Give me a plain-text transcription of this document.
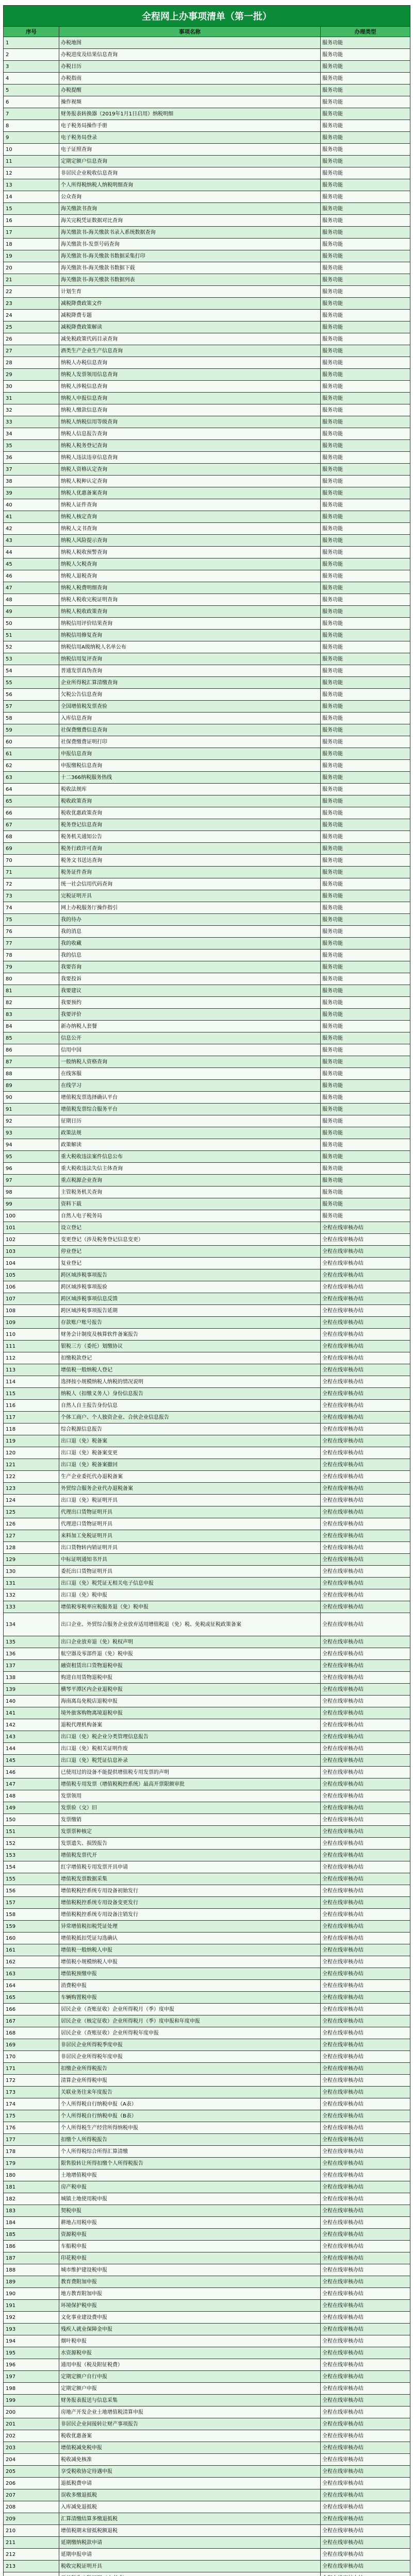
全程网上办事项清单（第一批）		
序号	事项名称	办理类型
1	办税地图	服务功能
2	办税进度及结果信息查询	服务功能
3	办税日历	服务功能
4	办税指南	服务功能
5	办税提醒	服务功能
6	操作视频	服务功能
7	财务报表转换器（2019年1月1日启用）纳税明细	服务功能
8	电子税务局操作手册	服务功能
9	电子税务局登录	服务功能
10	电子证照查询	服务功能
11	定期定额户信息查询	服务功能
12	非居民企业税收信息查询	服务功能
13	个人所得税纳税人纳税明细查询	服务功能
14	公众查询	服务功能
15	海关缴款书查询	服务功能
16	海关完税凭证数据对比查询	服务功能
17	海关缴款书-海关缴款书录入系统数据查询	服务功能
18	海关缴款书-发票号码查询	服务功能
19	海关缴款书-海关缴款书数据采集打印	服务功能
20	海关缴款书-海关缴款书数据下载	服务功能
21	海关缴款书-海关缴款书数据列表	服务功能
22	计划生育	服务功能
23	减税降费政策文件	服务功能
24	减税降费专题	服务功能
25	减税降费政策解读	服务功能
26	减免税政策代码目录查询	服务功能
27	酒类生产企业生产信息查询	服务功能
28	纳税人办税信息查询	服务功能
29	纳税人发票领用信息查询	服务功能
30	纳税人涉税信息查询	服务功能
31	纳税人申报信息查询	服务功能
32	纳税人缴款信息查询	服务功能
33	纳税人纳税信用等级查询	服务功能
34	纳税人信息报告查询	服务功能
35	纳税人税务登记查询	服务功能
36	纳税人违法违章信息查询	服务功能
37	纳税人资格认定查询	服务功能
38	纳税人税种认定查询	服务功能
39	纳税人优惠备案查询	服务功能
40	纳税人证件查询	服务功能
41	纳税人核定查询	服务功能
42	纳税人文书查询	服务功能
43	纳税人风险提示查询	服务功能
44	纳税人税收预警查询	服务功能
45	纳税人欠税查询	服务功能
46	纳税人退税查询	服务功能
47	纳税人税费明细查询	服务功能
48	纳税人税收完税证明查询	服务功能
49	纳税人税收政策查询	服务功能
50	纳税信用评价结果查询	服务功能
51	纳税信用修复查询	服务功能
52	纳税信用A级纳税人名单公布	服务功能
53	纳税信用复评查询	服务功能
54	普通发票真伪查询	服务功能
55	企业所得税汇算清缴查询	服务功能
56	欠税公告信息查询	服务功能
57	全国增值税发票查验	服务功能
58	入库信息查询	服务功能
59	社保费缴费信息查询	服务功能
60	社保费缴费证明打印	服务功能
61	申报信息查询	服务功能
62	申报缴税信息查询	服务功能
63	十二366纳税服务热线	服务功能
64	税收法规库	服务功能
65	税收政策查询	服务功能
66	税收优惠政策查询	服务功能
67	税务登记信息查询	服务功能
68	税务机关通知公告	服务功能
69	税务行政许可查询	服务功能
70	税务文书送达查询	服务功能
71	税务证件查询	服务功能
72	统一社会信用代码查询	服务功能
73	完税证明开具	服务功能
74	网上办税服务厅操作指引	服务功能
75	我的待办	服务功能
76	我的消息	服务功能
77	我的收藏	服务功能
78	我的信息	服务功能
79	我要咨询	服务功能
80	我要投诉	服务功能
81	我要建议	服务功能
82	我要预约	服务功能
83	我要评价	服务功能
84	新办纳税人套餐	服务功能
85	信息公开	服务功能
86	信用中国	服务功能
87	一般纳税人资格查询	服务功能
88	在线客服	服务功能
89	在线学习	服务功能
90	增值税发票选择确认平台	服务功能
91	增值税发票综合服务平台	服务功能
92	征期日历	服务功能
93	政策法规	服务功能
94	政策解读	服务功能
95	重大税收违法案件信息公布	服务功能
96	重大税收违法失信主体查询	服务功能
97	重点税源企业查询	服务功能
98	主管税务机关查询	服务功能
99	资料下载	服务功能
100	自然人电子税务局	服务功能
101	设立登记	全程在线审核办结
102	变更登记（涉及税务登记信息变更）	全程在线审核办结
103	停业登记	全程在线审核办结
104	复业登记	全程在线审核办结
105	跨区域涉税事项报告	全程在线审核办结
106	跨区域涉税事项报验	全程在线审核办结
107	跨区域涉税事项信息反馈	全程在线审核办结
108	跨区域涉税事项报告延期	全程在线审核办结
109	存款账户账号报告	全程在线审核办结
110	财务会计制度及核算软件备案报告	全程在线审核办结
111	银税三方（委托）划缴协议	全程在线审核办结
112	扣缴税款登记	全程在线审核办结
113	增值税一般纳税人登记	全程在线审核办结
114	选择按小规模纳税人纳税的情况说明	全程在线审核办结
115	纳税人（扣缴义务人）身份信息报告	全程在线审核办结
116	自然人自主报告身份信息	全程在线审核办结
117	个体工商户、个人独资企业、合伙企业信息报告	全程在线审核办结
118	综合税源信息报告	全程在线审核办结
119	出口退（免）税备案	全程在线审核办结
120	出口退（免）税备案变更	全程在线审核办结
121	出口退（免）税备案撤回	全程在线审核办结
122	生产企业委托代办退税备案	全程在线审核办结
123	外贸综合服务企业代办退税备案	全程在线审核办结
124	出口退（免）税证明开具	全程在线审核办结
125	代理出口货物证明开具	全程在线审核办结
126	代理进口货物证明开具	全程在线审核办结
127	来料加工免税证明开具	全程在线审核办结
128	出口货物转内销证明开具	全程在线审核办结
129	中标证明通知书开具	全程在线审核办结
130	委托出口货物证明开具	全程在线审核办结
131	出口退（免）税凭证无相关电子信息申报	全程在线审核办结
132	出口退（免）税申报	全程在线审核办结
133	增值税零税率应税服务退（免）税申报	全程在线审核办结
134	出口企业、外贸综合服务企业放弃适用增值税退（免）税、免税或征税政策备案	全程在线审核办结
135	出口企业放弃退（免）税权声明	全程在线审核办结
136	航空器及零部件退（免）税申报	全程在线审核办结
137	融资租赁出口货物退税申报	全程在线审核办结
138	购进自用货物退税申报	全程在线审核办结
139	横琴平潭区内企业退税申报	全程在线审核办结
140	海南离岛免税店退税申报	全程在线审核办结
141	境外旅客购物离境退税申报	全程在线审核办结
142	退税代理机构备案	全程在线审核办结
143	出口退（免）税企业分类管理信息报告	全程在线审核办结
144	出口退（免）税相关证明作废	全程在线审核办结
145	出口退（免）税凭证信息补录	全程在线审核办结
146	已使用过的设备不能提供增值税专用发票的声明	全程在线审核办结
147	增值税专用发票（增值税税控系统）最高开票限额审批	全程在线审核办结
148	发票领用	全程在线审核办结
149	发票验（交）旧	全程在线审核办结
150	发票缴销	全程在线审核办结
151	发票票种核定	全程在线审核办结
152	发票遗失、损毁报告	全程在线审核办结
153	增值税发票代开	全程在线审核办结
154	红字增值税专用发票开具申请	全程在线审核办结
155	增值税发票数据采集	全程在线审核办结
156	增值税税控系统专用设备初始发行	全程在线审核办结
157	增值税税控系统专用设备变更发行	全程在线审核办结
158	增值税税控系统专用设备注销发行	全程在线审核办结
159	异常增值税扣税凭证处理	全程在线审核办结
160	增值税抵扣凭证勾选确认	全程在线审核办结
161	增值税一般纳税人申报	全程在线审核办结
162	增值税小规模纳税人申报	全程在线审核办结
163	增值税预缴申报	全程在线审核办结
164	消费税申报	全程在线审核办结
165	车辆购置税申报	全程在线审核办结
166	居民企业（查账征收）企业所得税月（季）度申报	全程在线审核办结
167	居民企业（核定征收）企业所得税月（季）度申报和年度申报	全程在线审核办结
168	居民企业（查账征收）企业所得税年度申报	全程在线审核办结
169	非居民企业所得税季度申报	全程在线审核办结
170	非居民企业所得税年度申报	全程在线审核办结
171	扣缴企业所得税报告	全程在线审核办结
172	清算企业所得税申报	全程在线审核办结
173	关联业务往来年度报告	全程在线审核办结
174	个人所得税自行纳税申报（A表）	全程在线审核办结
175	个人所得税自行纳税申报（B表）	全程在线审核办结
176	个人所得税生产经营所得纳税申报	全程在线审核办结
177	扣缴个人所得税报告	全程在线审核办结
178	个人所得税综合所得汇算清缴	全程在线审核办结
179	限售股转让所得扣缴个人所得税报告	全程在线审核办结
180	土地增值税申报	全程在线审核办结
181	房产税申报	全程在线审核办结
182	城镇土地使用税申报	全程在线审核办结
183	契税申报	全程在线审核办结
184	耕地占用税申报	全程在线审核办结
185	资源税申报	全程在线审核办结
186	车船税申报	全程在线审核办结
187	印花税申报	全程在线审核办结
188	城市维护建设税申报	全程在线审核办结
189	教育费附加申报	全程在线审核办结
190	地方教育附加申报	全程在线审核办结
191	环境保护税申报	全程在线审核办结
192	文化事业建设费申报	全程在线审核办结
193	残疾人就业保障金申报	全程在线审核办结
194	烟叶税申报	全程在线审核办结
195	水资源税申报	全程在线审核办结
196	通用申报（税及附征税费）	全程在线审核办结
197	定期定额户自行申报	全程在线审核办结
198	定期定额户申报	全程在线审核办结
199	财务报表报送与信息采集	全程在线审核办结
200	房地产开发企业土地增值税清算申报	全程在线审核办结
201	非居民企业间接转让财产事项报告	全程在线审核办结
202	税收优惠备案	全程在线审核办结
203	增值税减免税申报	全程在线审核办结
204	税收减免核准	全程在线审核办结
205	享受税收协定待遇申报	全程在线审核办结
206	退抵税费申请	全程在线审核办结
207	误收多缴退抵税	全程在线审核办结
208	入库减免退抵税	全程在线审核办结
209	汇算清缴结算多缴退抵税	全程在线审核办结
210	增值税期末留抵税额退税	全程在线审核办结
211	延期缴纳税款申请	全程在线审核办结
212	延期申报申请	全程在线审核办结
213	税收完税证明开具	全程在线审核办结
